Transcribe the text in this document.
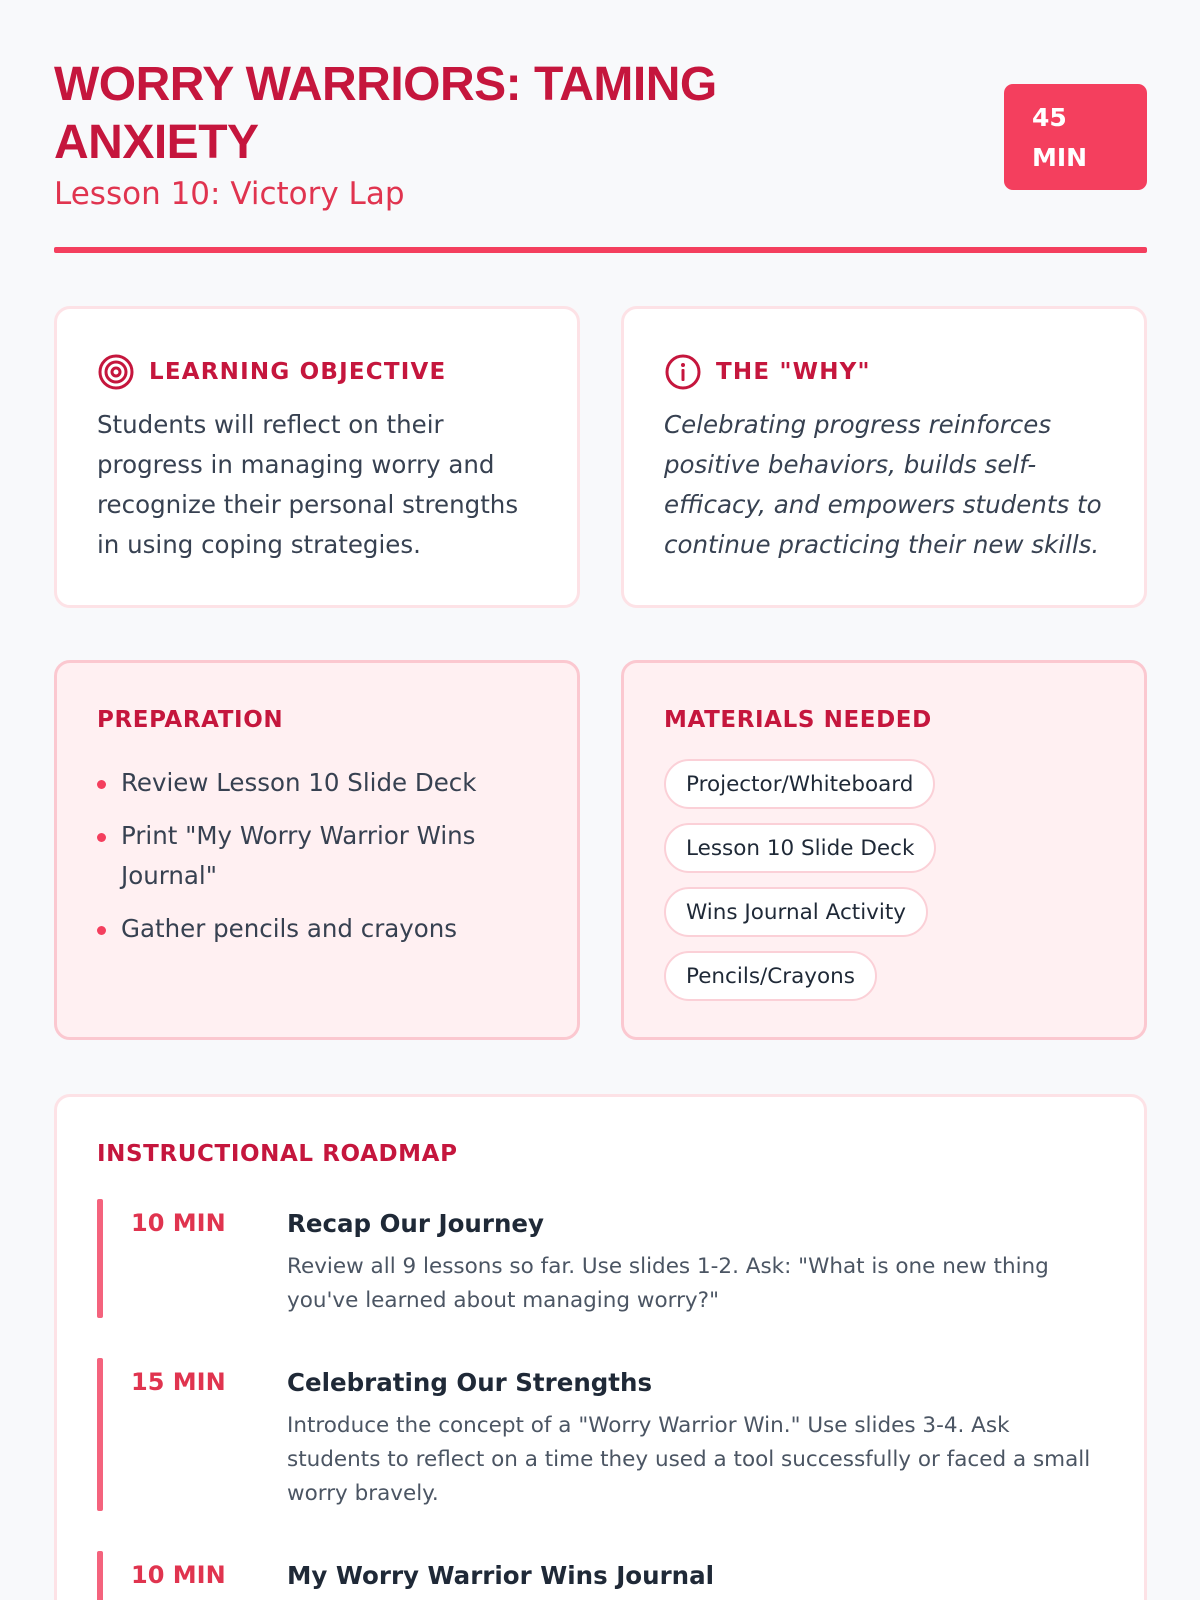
WORRY WARRIORS: TAMING ANXIETY
Lesson 10: Victory Lap
45
MIN
LEARNING OBJECTIVE

Students will reflect on their progress in managing worry and recognize their personal strengths in using coping strategies.

THE "WHY"

Celebrating progress reinforces positive behaviors, builds self-efficacy, and empowers students to continue practicing their new skills.

PREPARATION
Review Lesson 10 Slide Deck
Print "My Worry Warrior Wins Journal"
Gather pencils and crayons
MATERIALS NEEDED
Projector/Whiteboard
Lesson 10 Slide Deck
Wins Journal Activity
Pencils/Crayons
INSTRUCTIONAL ROADMAP
10 MIN	Recap Our Journey
Review all 9 lessons so far. Use slides 1-2. Ask: "What is one new thing you've learned about managing worry?"
15 MIN	Celebrating Our Strengths
Introduce the concept of a "Worry Warrior Win." Use slides 3-4. Ask students to reflect on a time they used a tool successfully or faced a small worry bravely.
10 MIN	My Worry Warrior Wins Journal
